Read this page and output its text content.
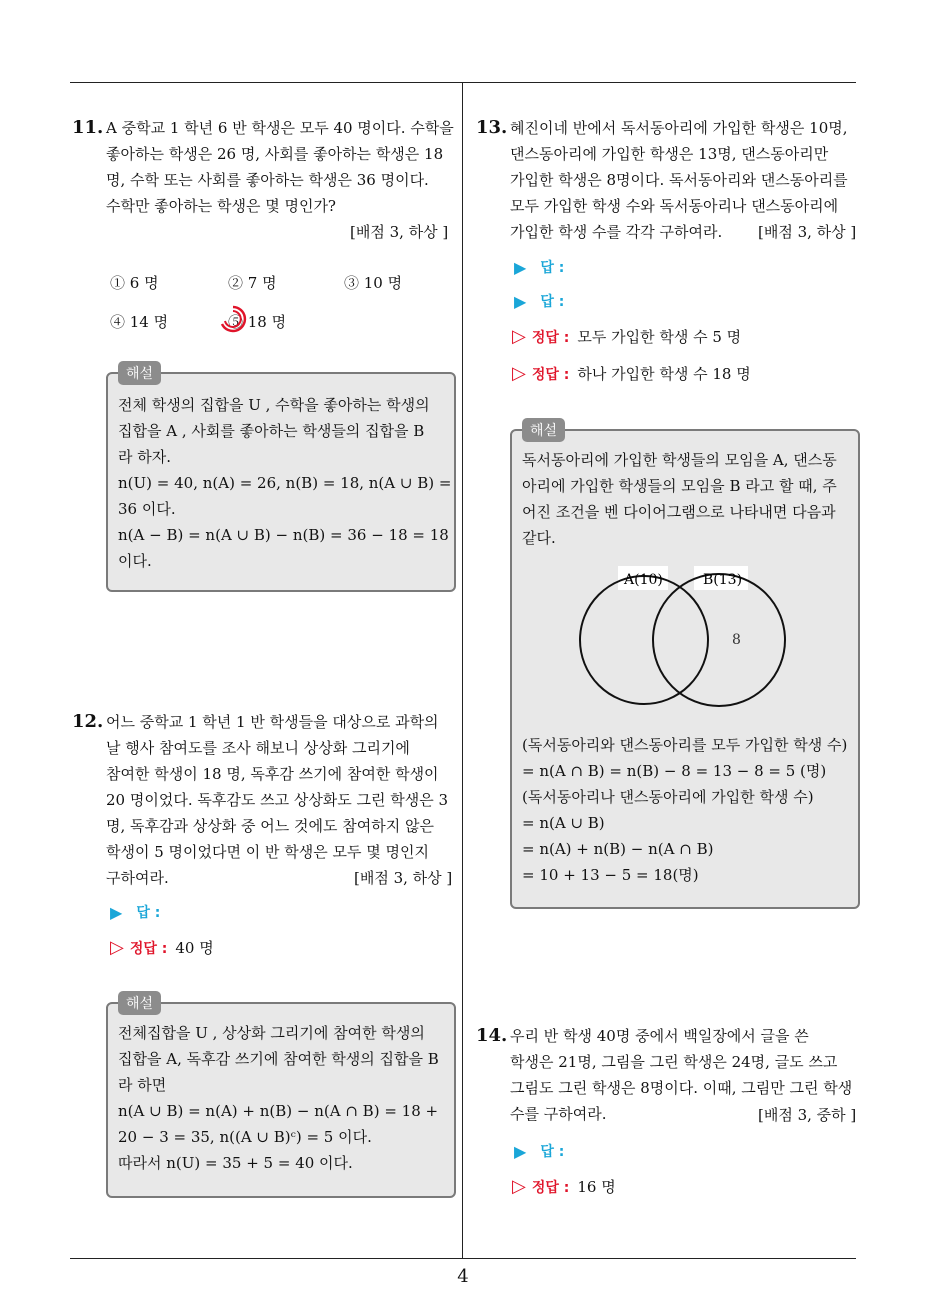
11. A 중학교 1 학년 6 반 학생은 모두 40 명이다. 수학을
좋아하는 학생은 26 명, 사회를 좋아하는 학생은 18
명, 수학 또는 사회를 좋아하는 학생은 36 명이다.
수학만 좋아하는 학생은 몇 명인가?
[배점 3, 하상 ]
① 6 명	② 7 명	③ 10 명
④ 14 명	⑤ 18 명
해설
전체 학생의 집합을 U , 수학을 좋아하는 학생의
집합을 A , 사회를 좋아하는 학생들의 집합을 B
라 하자.
n(U) = 40, n(A) = 26, n(B) = 18, n(A ∪ B) =
36 이다.
n(A − B) = n(A ∪ B) − n(B) = 36 − 18 = 18
이다.
12. 어느 중학교 1 학년 1 반 학생들을 대상으로 과학의
날 행사 참여도를 조사 해보니 상상화 그리기에
참여한 학생이 18 명, 독후감 쓰기에 참여한 학생이
20 명이었다. 독후감도 쓰고 상상화도 그린 학생은 3
명, 독후감과 상상화 중 어느 것에도 참여하지 않은
학생이 5 명이었다면 이 반 학생은 모두 몇 명인지
구하여라.	[배점 3, 하상 ]
▶ 답 :
▷ 정답 : 40 명
해설
전체집합을 U , 상상화 그리기에 참여한 학생의
집합을 A, 독후감 쓰기에 참여한 학생의 집합을 B
라 하면
n(A ∪ B) = n(A) + n(B) − n(A ∩ B) = 18 +
20 − 3 = 35, n((A ∪ B)ᶜ) = 5 이다.
따라서 n(U) = 35 + 5 = 40 이다.
13. 혜진이네 반에서 독서동아리에 가입한 학생은 10명,
댄스동아리에 가입한 학생은 13명, 댄스동아리만
가입한 학생은 8명이다. 독서동아리와 댄스동아리를
모두 가입한 학생 수와 독서동아리나 댄스동아리에
가입한 학생 수를 각각 구하여라.	[배점 3, 하상 ]
▶ 답 :
▶ 답 :
▷ 정답 : 모두 가입한 학생 수 5 명
▷ 정답 : 하나 가입한 학생 수 18 명
해설
독서동아리에 가입한 학생들의 모임을 A, 댄스동
아리에 가입한 학생들의 모임을 B 라고 할 때, 주
어진 조건을 벤 다이어그램으로 나타내면 다음과
같다.
A(10)	B(13)
8
(독서동아리와 댄스동아리를 모두 가입한 학생 수)
= n(A ∩ B) = n(B) − 8 = 13 − 8 = 5 (명)
(독서동아리나 댄스동아리에 가입한 학생 수)
= n(A ∪ B)
= n(A) + n(B) − n(A ∩ B)
= 10 + 13 − 5 = 18(명)
14. 우리 반 학생 40명 중에서 백일장에서 글을 쓴
학생은 21명, 그림을 그린 학생은 24명, 글도 쓰고
그림도 그린 학생은 8명이다. 이때, 그림만 그린 학생
수를 구하여라.	[배점 3, 중하 ]
▶ 답 :
▷ 정답 : 16 명
4
